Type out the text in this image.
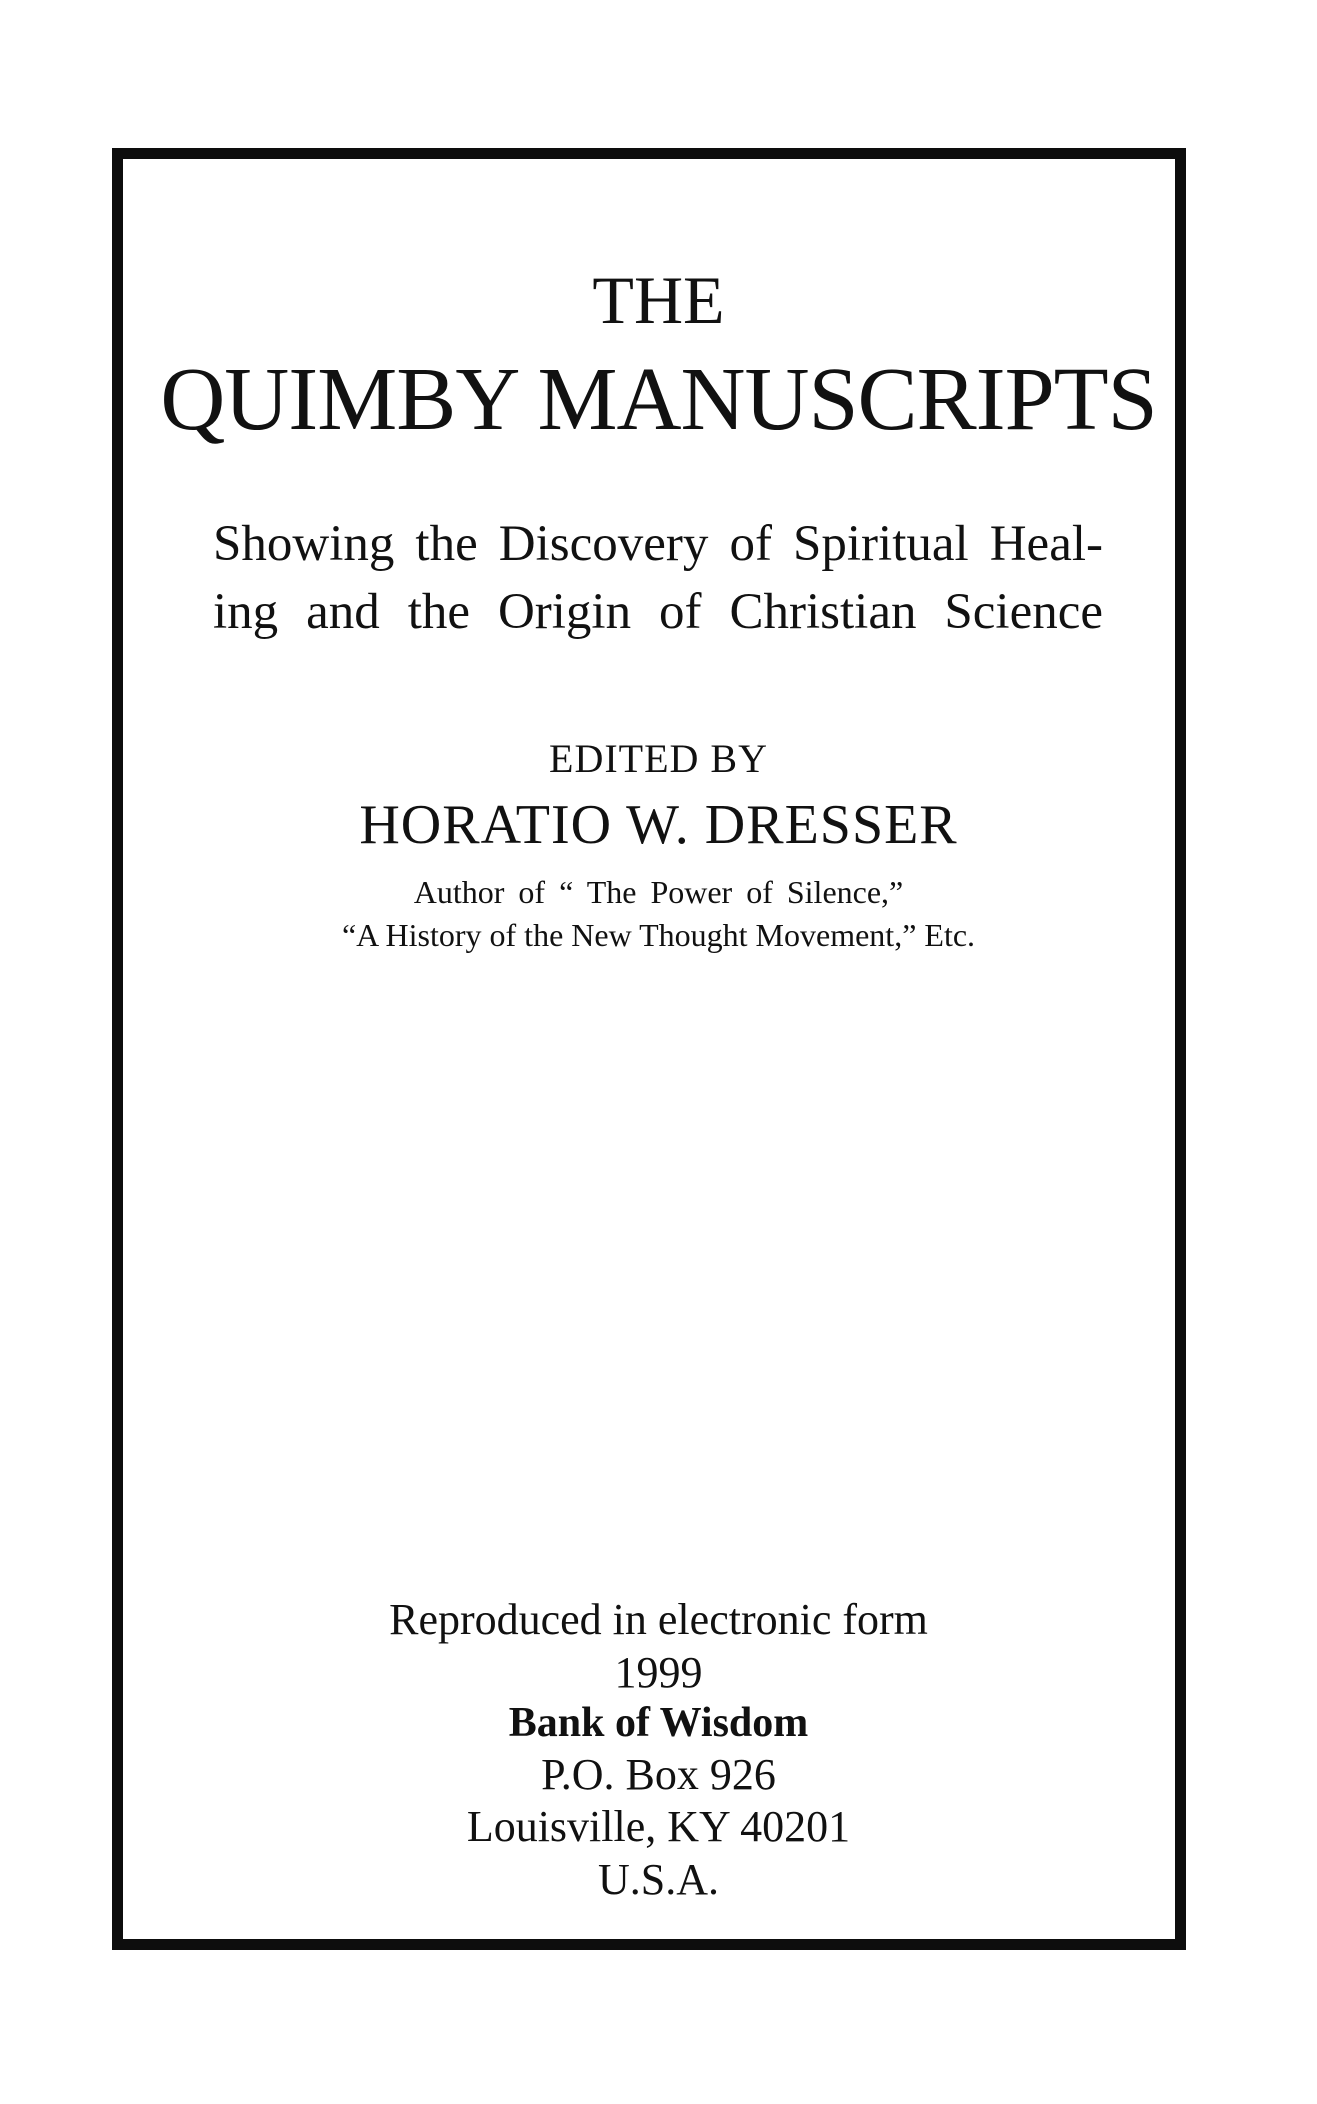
THE

QUIMBY MANUSCRIPTS
Showing the Discovery of Spiritual Heal-
ing and the Origin of Christian Science

EDITED BY

HORATIO W. DRESSER

Author of “ The Power of Silence,”

“A History of the New Thought Movement,” Etc.

Reproduced in electronic form

1999

Bank of Wisdom

P.O. Box 926

Louisville, KY 40201

U.S.A.
